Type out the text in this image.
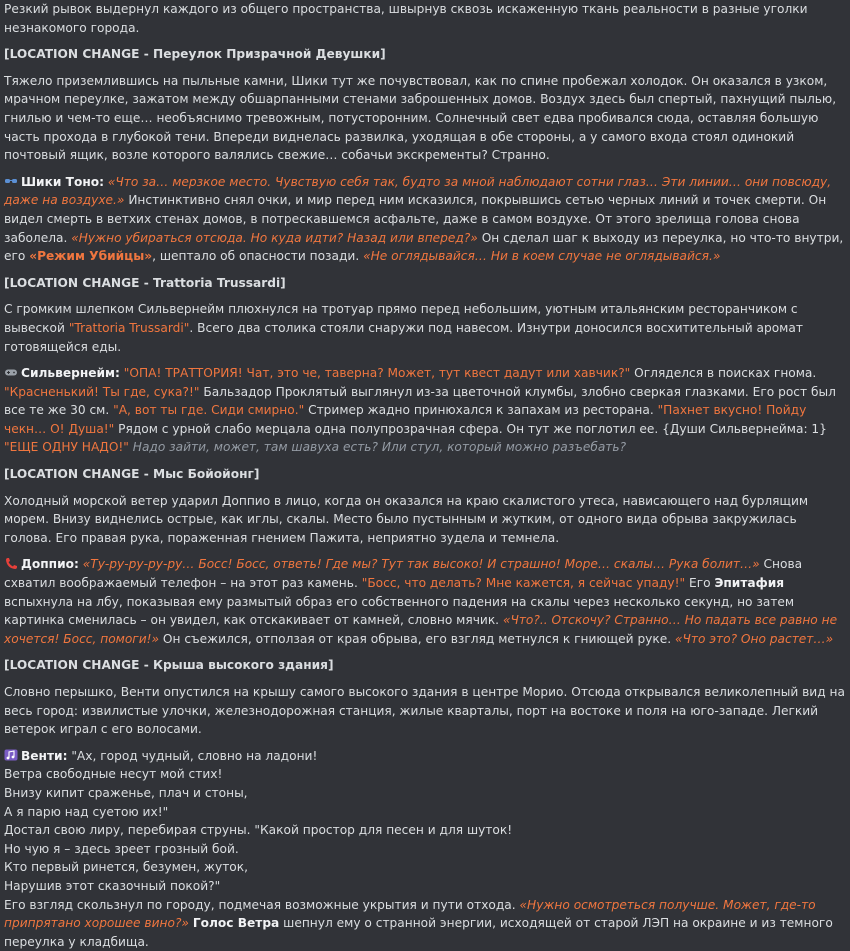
Резкий рывок выдернул каждого из общего пространства, швырнув сквозь искаженную ткань реальности в разные уголки незнакомого города.

[LOCATION CHANGE - Переулок Призрачной Девушки]

Тяжело приземлившись на пыльные камни, Шики тут же почувствовал, как по спине пробежал холодок. Он оказался в узком, мрачном переулке, зажатом между обшарпанными стенами заброшенных домов. Воздух здесь был спертый, пахнущий пылью, гнилью и чем-то еще… необъяснимо тревожным, потусторонним. Солнечный свет едва пробивался сюда, оставляя большую часть прохода в глубокой тени. Впереди виднелась развилка, уходящая в обе стороны, а у самого входа стоял одинокий почтовый ящик, возле которого валялись свежие… собачьи экскременты? Странно.

Шики Тоно: «Что за… мерзкое место. Чувствую себя так, будто за мной наблюдают сотни глаз… Эти линии… они повсюду, даже на воздухе.» Инстинктивно снял очки, и мир перед ним исказился, покрывшись сетью черных линий и точек смерти. Он видел смерть в ветхих стенах домов, в потрескавшемся асфальте, даже в самом воздухе. От этого зрелища голова снова заболела. «Нужно убираться отсюда. Но куда идти? Назад или вперед?» Он сделал шаг к выходу из переулка, но что-то внутри, его «Режим Убийцы», шептало об опасности позади. «Не оглядывайся… Ни в коем случае не оглядывайся.»

[LOCATION CHANGE - Trattoria Trussardi]

С громким шлепком Сильвернейм плюхнулся на тротуар прямо перед небольшим, уютным итальянским ресторанчиком с вывеской "Trattoria Trussardi". Всего два столика стояли снаружи под навесом. Изнутри доносился восхитительный аромат готовящейся еды.

Сильвернейм: "ОПА! ТРАТТОРИЯ! Чат, это че, таверна? Может, тут квест дадут или хавчик?" Огляделся в поисках гнома. "Красненький! Ты где, сука?!" Бальзадор Проклятый выглянул из-за цветочной клумбы, злобно сверкая глазками. Его рост был все те же 30 см. "А, вот ты где. Сиди смирно." Стример жадно принюхался к запахам из ресторана. "Пахнет вкусно! Пойду чекн… О! Душа!" Рядом с урной слабо мерцала одна полупрозрачная сфера. Он тут же поглотил ее. {Души Сильвернейма: 1} "ЕЩЕ ОДНУ НАДО!" Надо зайти, может, там шавуха есть? Или стул, который можно разъебать?

[LOCATION CHANGE - Мыс Бойойонг]

Холодный морской ветер ударил Доппио в лицо, когда он оказался на краю скалистого утеса, нависающего над бурлящим морем. Внизу виднелись острые, как иглы, скалы. Место было пустынным и жутким, от одного вида обрыва закружилась голова. Его правая рука, пораженная гнением Пажита, неприятно зудела и темнела.

Доппио: «Ту-ру-ру-ру-ру… Босс! Босс, ответь! Где мы? Тут так высоко! И страшно! Море… скалы… Рука болит…» Снова схватил воображаемый телефон – на этот раз камень. "Босс, что делать? Мне кажется, я сейчас упаду!" Его Эпитафия вспыхнула на лбу, показывая ему размытый образ его собственного падения на скалы через несколько секунд, но затем картинка сменилась – он увидел, как отскакивает от камней, словно мячик. «Что?.. Отскочу? Странно… Но падать все равно не хочется! Босс, помоги!» Он съежился, отползая от края обрыва, его взгляд метнулся к гниющей руке. «Что это? Оно растет…»

[LOCATION CHANGE - Крыша высокого здания]

Словно перышко, Венти опустился на крышу самого высокого здания в центре Морио. Отсюда открывался великолепный вид на весь город: извилистые улочки, железнодорожная станция, жилые кварталы, порт на востоке и поля на юго-западе. Легкий ветерок играл с его волосами.

Венти: "Ах, город чудный, словно на ладони!

Ветра свободные несут мой стих!

Внизу кипит сраженье, плач и стоны,

А я парю над суетою их!"

Достал свою лиру, перебирая струны. "Какой простор для песен и для шуток!

Но чую я – здесь зреет грозный бой.

Кто первый ринется, безумен, жуток,

Нарушив этот сказочный покой?"

Его взгляд скользнул по городу, подмечая возможные укрытия и пути отхода. «Нужно осмотреться получше. Может, где-то припрятано хорошее вино?» Голос Ветра шепнул ему о странной энергии, исходящей от старой ЛЭП на окраине и из темного переулка у кладбища.
